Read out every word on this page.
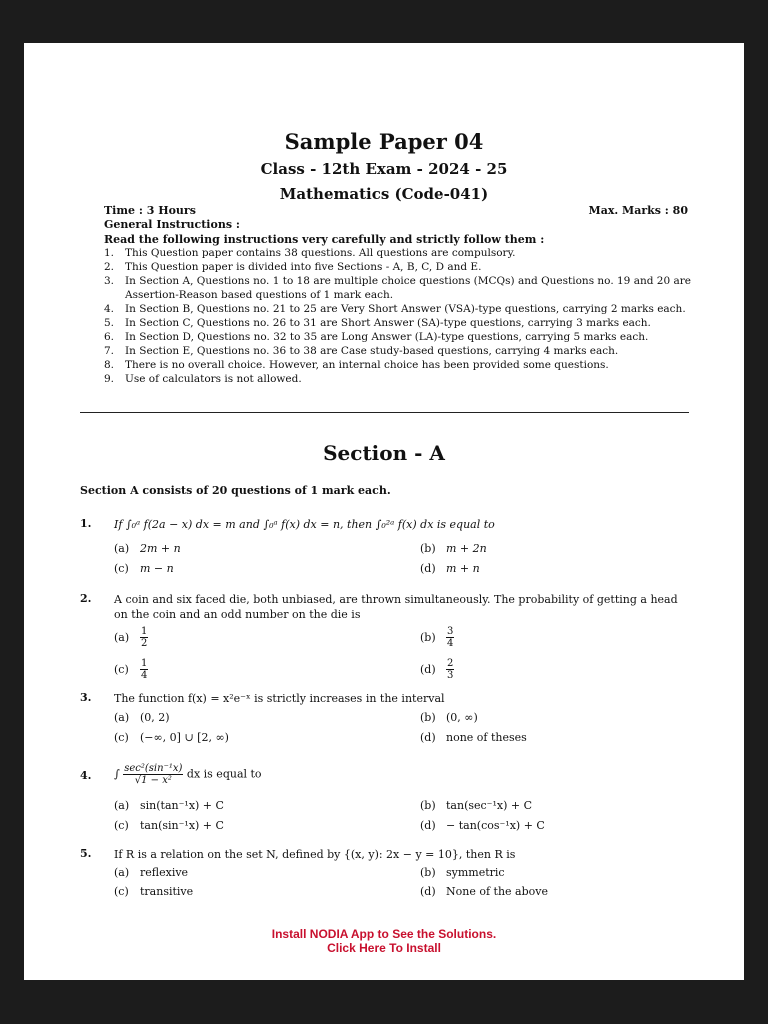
Sample Paper 04
Class - 12th Exam - 2024 - 25
Mathematics (Code-041)
Time : 3 Hours	Max. Marks : 80
General Instructions :
Read the following instructions very carefully and strictly follow them :
1.	This Question paper contains 38 questions. All questions are compulsory.
2.	This Question paper is divided into five Sections - A, B, C, D and E.
3.	In Section A, Questions no. 1 to 18 are multiple choice questions (MCQs) and Questions no. 19 and 20 are Assertion-Reason based questions of 1 mark each.
4.	In Section B, Questions no. 21 to 25 are Very Short Answer (VSA)-type questions, carrying 2 marks each.
5.	In Section C, Questions no. 26 to 31 are Short Answer (SA)-type questions, carrying 3 marks each.
6.	In Section D, Questions no. 32 to 35 are Long Answer (LA)-type questions, carrying 5 marks each.
7.	In Section E, Questions no. 36 to 38 are Case study-based questions, carrying 4 marks each.
8.	There is no overall choice. However, an internal choice has been provided some questions.
9.	Use of calculators is not allowed.
Section - A
Section A consists of 20 questions of 1 mark each.
1. If ∫₀ᵃ f(2a − x) dx = m and ∫₀ᵃ f(x) dx = n, then ∫₀²ᵃ f(x) dx is equal to
(a) 2m + n	(b) m + 2n
(c) m − n	(d) m + n
2. A coin and six faced die, both unbiased, are thrown simultaneously. The probability of getting a head on the coin and an odd number on the die is
$(a) \frac{1}{2}$	$(b) \frac{3}{4}$
$(c) \frac{1}{4}$	$(d) \frac{2}{3}$
3. The function f(x) = x²e⁻ˣ is strictly increases in the interval
(a) (0, 2)	(b) (0, ∞)
(c) (−∞, 0] ∪ [2, ∞)	(d) none of theses
4. ∫ $\frac{\text{sec²(sin⁻¹x)}}{\text{√1 − x²}}$ dx is equal to
(a) sin(tan⁻¹x) + C	(b) tan(sec⁻¹x) + C
(c) tan(sin⁻¹x) + C	(d) − tan(cos⁻¹x) + C
5. If R is a relation on the set N, defined by {(x, y): 2x − y = 10}, then R is
(a) reflexive	(b) symmetric
(c) transitive	(d) None of the above
Install NODIA App to See the Solutions.
Click Here To Install
